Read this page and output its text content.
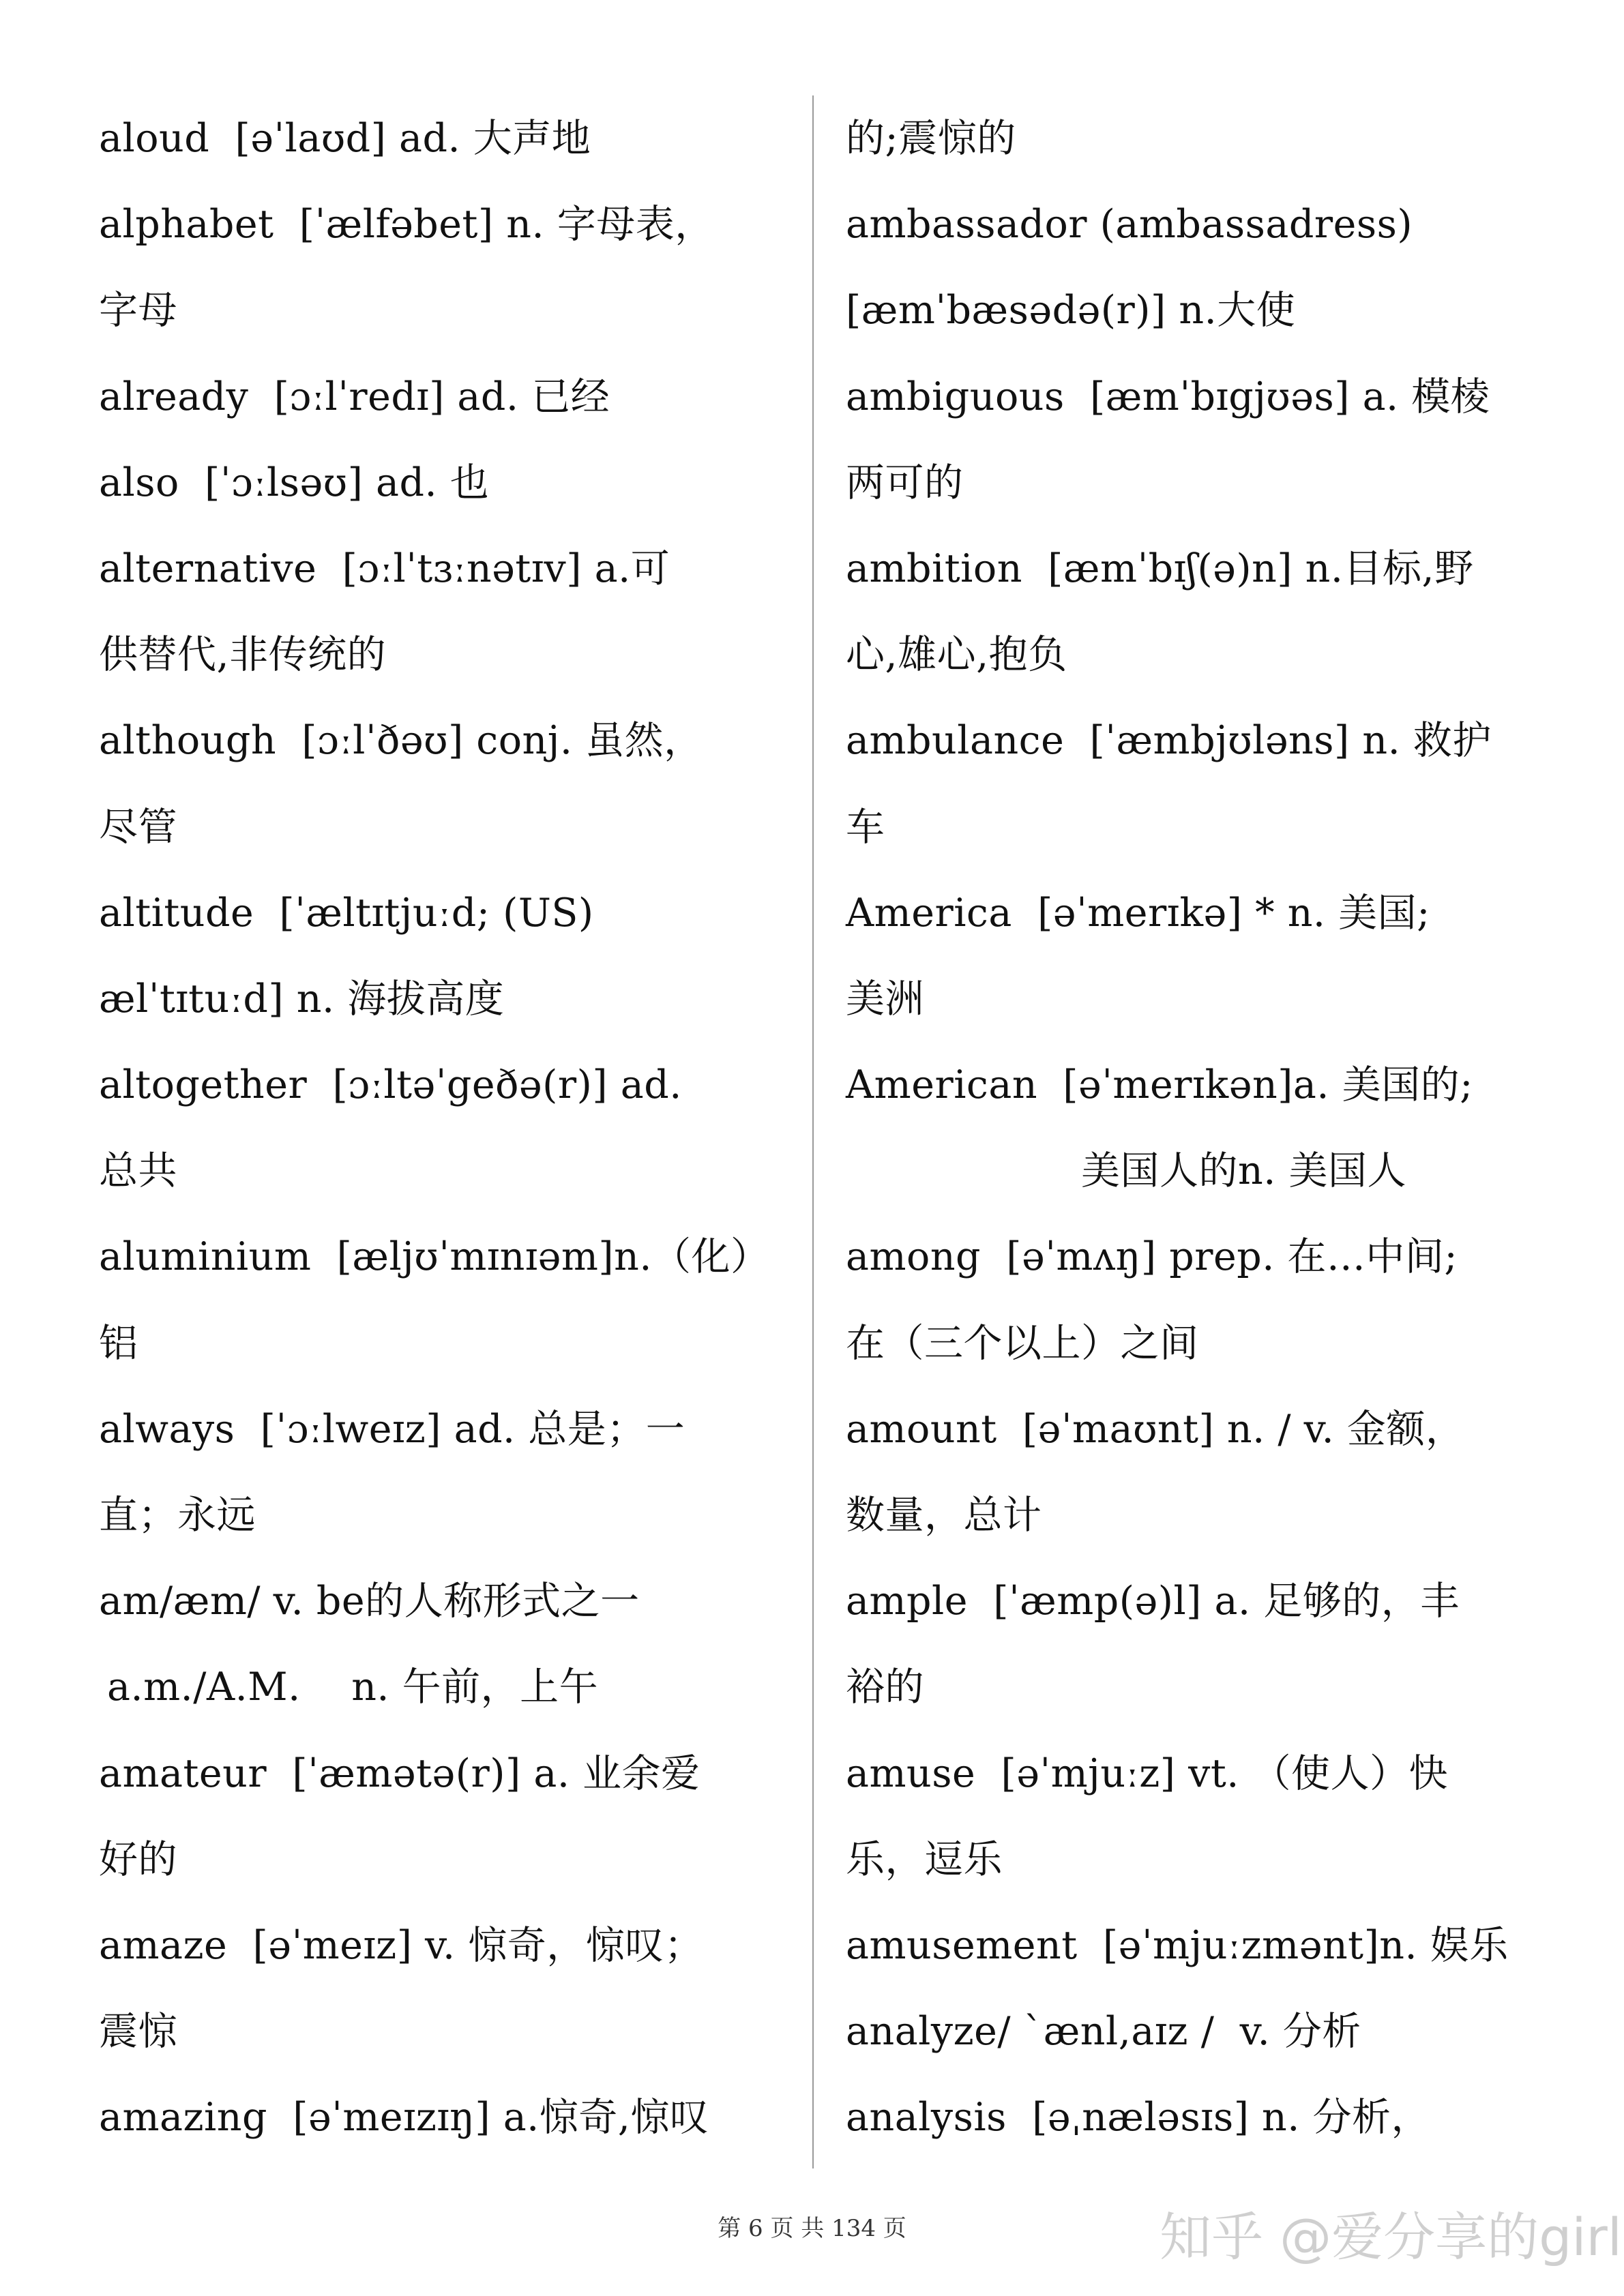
aloud  [əˈlaʊd] ad. 大声地
alphabet  [ˈælfəbet] n. 字母表，
字母
already  [ɔːlˈredɪ] ad. 已经
also  [ˈɔːlsəʊ] ad. 也
alternative  [ɔːlˈtɜːnətɪv] a.可
供替代,非传统的
although  [ɔːlˈðəʊ] conj. 虽然，
尽管
altitude  [ˈæltɪtjuːd; (US)
ælˈtɪtuːd] n. 海拔高度
altogether  [ɔːltəˈgeðə(r)] ad.
总共
aluminium  [æljʊˈmɪnɪəm]n.（化）
铝
always  [ˈɔːlweɪz] ad. 总是；一
直；永远
am/æm/ v. be的人称形式之一
a.m./A.M.    n. 午前，上午
amateur  [ˈæmətə(r)] a. 业余爱
好的
amaze  [əˈmeɪz] v. 惊奇，惊叹；
震惊
amazing  [əˈmeɪzɪŋ] a.惊奇,惊叹
的;震惊的
ambassador (ambassadress)
[æmˈbæsədə(r)] n.大使
ambiguous  [æmˈbɪgjʊəs] a. 模棱
两可的
ambition  [æmˈbɪʃ(ə)n] n.目标,野
心,雄心,抱负
ambulance  [ˈæmbjʊləns] n. 救护
车
America  [əˈmerɪkə] * n. 美国;
美洲
American  [əˈmerɪkən]a. 美国的;
美国人的n. 美国人
among  [əˈmʌŋ] prep. 在…中间;
在（三个以上）之间
amount  [əˈmaʊnt] n. / v. 金额，
数量，总计
ample  [ˈæmp(ə)l] a. 足够的，丰
裕的
amuse  [əˈmjuːz] vt. （使人）快
乐，逗乐
amusement  [əˈmjuːzmənt]n. 娱乐
analyze/ `ænl,aɪz /  v. 分析
analysis  [əˌnæləsɪs] n. 分析，
第 6 页 共 134 页	知乎 @爱分享的girl
